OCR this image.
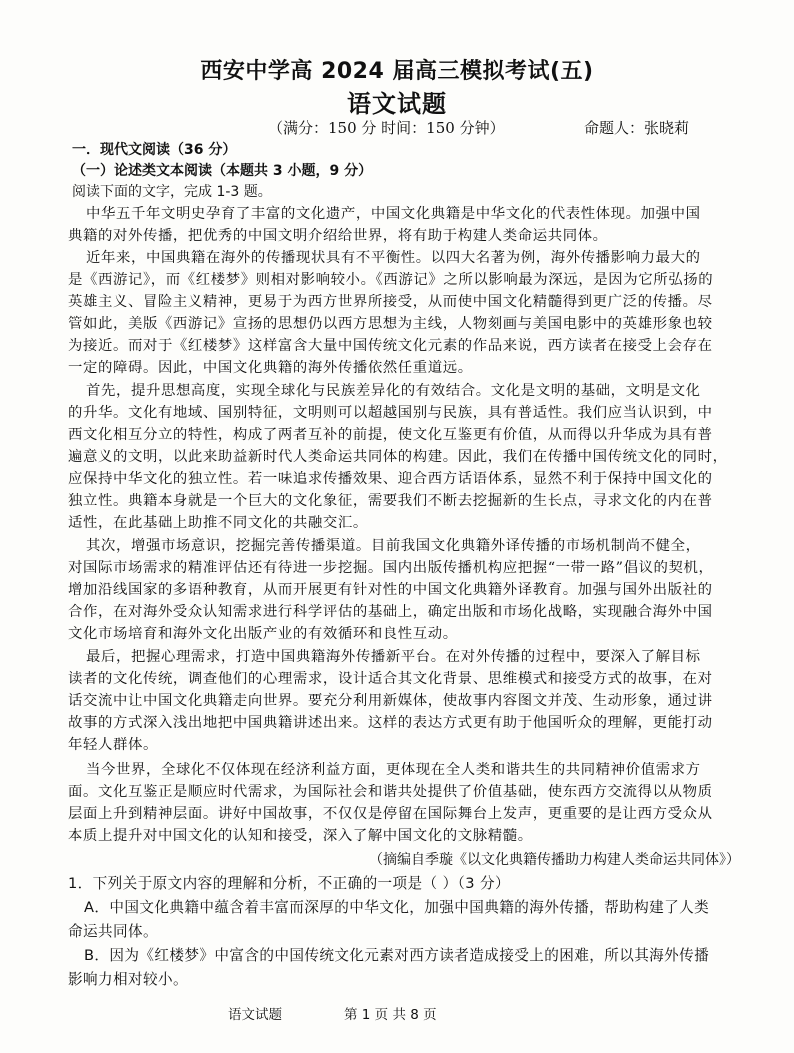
西安中学高 2024 届高三模拟考试(五)
语文试题
（满分：150 分 时间：150 分钟）	命题人：张晓莉
一．现代文阅读（36 分）
（一）论述类文本阅读（本题共 3 小题，9 分）
阅读下面的文字，完成 1-3 题。
中华五千年文明史孕育了丰富的文化遗产，中国文化典籍是中华文化的代表性体现。加强中国
典籍的对外传播，把优秀的中国文明介绍给世界，将有助于构建人类命运共同体。
近年来，中国典籍在海外的传播现状具有不平衡性。以四大名著为例，海外传播影响力最大的
是《西游记》，而《红楼梦》则相对影响较小。《西游记》之所以影响最为深远，是因为它所弘扬的
英雄主义、冒险主义精神，更易于为西方世界所接受，从而使中国文化精髓得到更广泛的传播。尽
管如此，美版《西游记》宣扬的思想仍以西方思想为主线，人物刻画与美国电影中的英雄形象也较
为接近。而对于《红楼梦》这样富含大量中国传统文化元素的作品来说，西方读者在接受上会存在
一定的障碍。因此，中国文化典籍的海外传播依然任重道远。
首先，提升思想高度，实现全球化与民族差异化的有效结合。文化是文明的基础，文明是文化
的升华。文化有地域、国别特征，文明则可以超越国别与民族，具有普适性。我们应当认识到，中
西文化相互分立的特性，构成了两者互补的前提，使文化互鉴更有价值，从而得以升华成为具有普
遍意义的文明，以此来助益新时代人类命运共同体的构建。因此，我们在传播中国传统文化的同时，
应保持中华文化的独立性。若一味追求传播效果、迎合西方话语体系，显然不利于保持中国文化的
独立性。典籍本身就是一个巨大的文化象征，需要我们不断去挖掘新的生长点，寻求文化的内在普
适性，在此基础上助推不同文化的共融交汇。
其次，增强市场意识，挖掘完善传播渠道。目前我国文化典籍外译传播的市场机制尚不健全，
对国际市场需求的精准评估还有待进一步挖掘。国内出版传播机构应把握“一带一路”倡议的契机，
增加沿线国家的多语种教育，从而开展更有针对性的中国文化典籍外译教育。加强与国外出版社的
合作，在对海外受众认知需求进行科学评估的基础上，确定出版和市场化战略，实现融合海外中国
文化市场培育和海外文化出版产业的有效循环和良性互动。
最后，把握心理需求，打造中国典籍海外传播新平台。在对外传播的过程中，要深入了解目标
读者的文化传统，调查他们的心理需求，设计适合其文化背景、思维模式和接受方式的故事，在对
话交流中让中国文化典籍走向世界。要充分利用新媒体，使故事内容图文并茂、生动形象，通过讲
故事的方式深入浅出地把中国典籍讲述出来。这样的表达方式更有助于他国听众的理解，更能打动
年轻人群体。
当今世界，全球化不仅体现在经济利益方面，更体现在全人类和谐共生的共同精神价值需求方
面。文化互鉴正是顺应时代需求，为国际社会和谐共处提供了价值基础，使东西方交流得以从物质
层面上升到精神层面。讲好中国故事，不仅仅是停留在国际舞台上发声，更重要的是让西方受众从
本质上提升对中国文化的认知和接受，深入了解中国文化的文脉精髓。
（摘编自季璇《以文化典籍传播助力构建人类命运共同体》）
1．下列关于原文内容的理解和分析，不正确的一项是（ ）（3 分）
A．中国文化典籍中蕴含着丰富而深厚的中华文化，加强中国典籍的海外传播，帮助构建了人类
命运共同体。
B．因为《红楼梦》中富含的中国传统文化元素对西方读者造成接受上的困难，所以其海外传播
影响力相对较小。
语文试题	第 1 页 共 8 页
